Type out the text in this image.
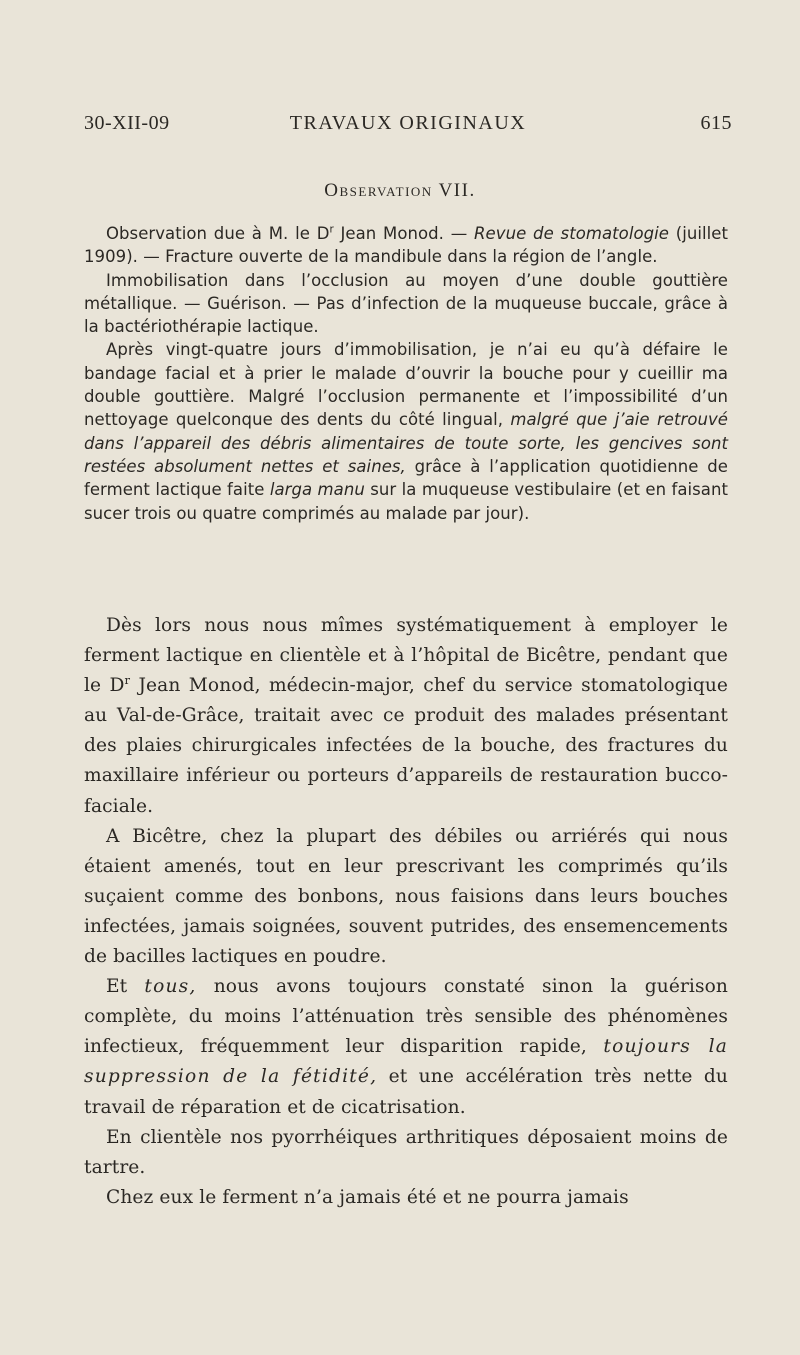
30-XII-09	TRAVAUX ORIGINAUX	615
Observation VII.

Observation due à M. le $D^r$ Jean Monod. — Revue de stomatologie (juillet 1909). — Fracture ouverte de la mandibule dans la région de l’angle.

Immobilisation dans l’occlusion au moyen d’une double gouttière métallique. — Guérison. — Pas d’infection de la muqueuse buccale, grâce à la bactériothérapie lactique.

Après vingt-quatre jours d’immobilisation, je n’ai eu qu’à défaire le bandage facial et à prier le malade d’ouvrir la bouche pour y cueillir ma double gouttière. Malgré l’occlusion permanente et l’impossibilité d’un nettoyage quelconque des dents du côté lingual, malgré que j’aie retrouvé dans l’appareil des débris alimentaires de toute sorte, les gencives sont restées absolument nettes et saines, grâce à l’application quotidienne de ferment lactique faite larga manu sur la muqueuse vestibulaire (et en faisant sucer trois ou quatre comprimés au malade par jour).

Dès lors nous nous mîmes systématiquement à employer le ferment lactique en clientèle et à l’hôpital de Bicêtre, pendant que le $D^r$ Jean Monod, médecin-major, chef du service stomatologique au Val-de-Grâce, traitait avec ce produit des malades présentant des plaies chirurgicales infectées de la bouche, des fractures du maxillaire inférieur ou porteurs d’appareils de restauration bucco-faciale.

A Bicêtre, chez la plupart des débiles ou arriérés qui nous étaient amenés, tout en leur prescrivant les comprimés qu’ils suçaient comme des bonbons, nous faisions dans leurs bouches infectées, jamais soignées, souvent putrides, des ensemencements de bacilles lactiques en poudre.

Et tous, nous avons toujours constaté sinon la guérison complète, du moins l’atténuation très sensible des phénomènes infectieux, fréquemment leur disparition rapide, toujours la suppression de la fétidité, et une accélération très nette du travail de réparation et de cicatrisation.

En clientèle nos pyorrhéiques arthritiques déposaient moins de tartre.

Chez eux le ferment n’a jamais été et ne pourra jamais
